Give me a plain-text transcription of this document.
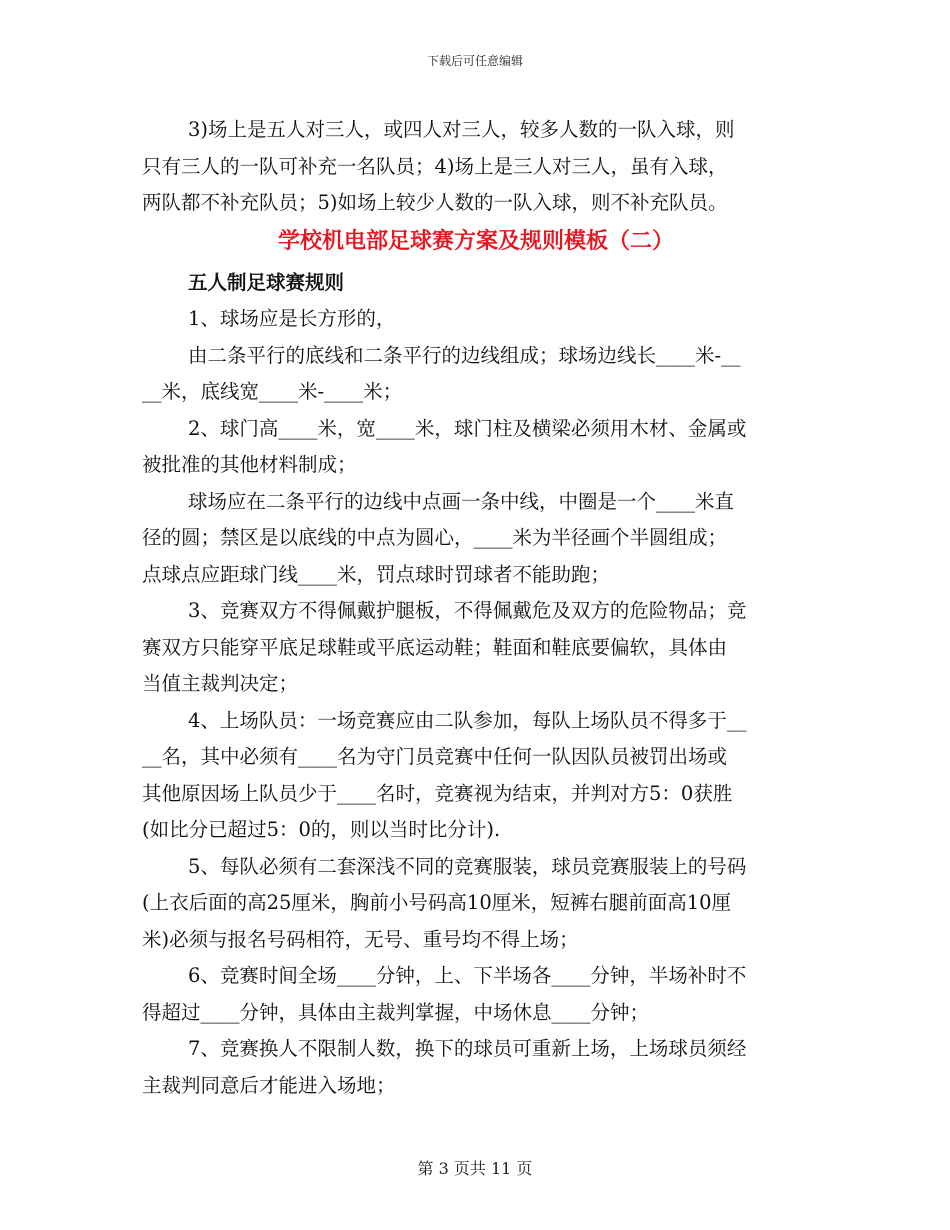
下载后可任意编辑
3)场上是五人对三人，或四人对三人，较多人数的一队入球，则
只有三人的一队可补充一名队员；4)场上是三人对三人，虽有入球，
两队都不补充队员；5)如场上较少人数的一队入球，则不补充队员。
学校机电部足球赛方案及规则模板（二）
五人制足球赛规则
1、球场应是长方形的，
由二条平行的底线和二条平行的边线组成；球场边线长____米-__
__米，底线宽____米-____米；
2、球门高____米，宽____米，球门柱及横梁必须用木材、金属或
被批准的其他材料制成；
球场应在二条平行的边线中点画一条中线，中圈是一个____米直
径的圆；禁区是以底线的中点为圆心，____米为半径画个半圆组成；
点球点应距球门线____米，罚点球时罚球者不能助跑；
3、竞赛双方不得佩戴护腿板，不得佩戴危及双方的危险物品；竞
赛双方只能穿平底足球鞋或平底运动鞋；鞋面和鞋底要偏软，具体由
当值主裁判决定；
4、上场队员：一场竞赛应由二队参加，每队上场队员不得多于__
__名，其中必须有____名为守门员竞赛中任何一队因队员被罚出场或
其他原因场上队员少于____名时，竞赛视为结束，并判对方5：0获胜
(如比分已超过5：0的，则以当时比分计).　
5、每队必须有二套深浅不同的竞赛服装，球员竞赛服装上的号码
(上衣后面的高25厘米，胸前小号码高10厘米，短裤右腿前面高10厘
米)必须与报名号码相符，无号、重号均不得上场；
6、竞赛时间全场____分钟，上、下半场各____分钟，半场补时不
得超过____分钟，具体由主裁判掌握，中场休息____分钟；
7、竞赛换人不限制人数，换下的球员可重新上场，上场球员须经
主裁判同意后才能进入场地；
第 3 页共 11 页
